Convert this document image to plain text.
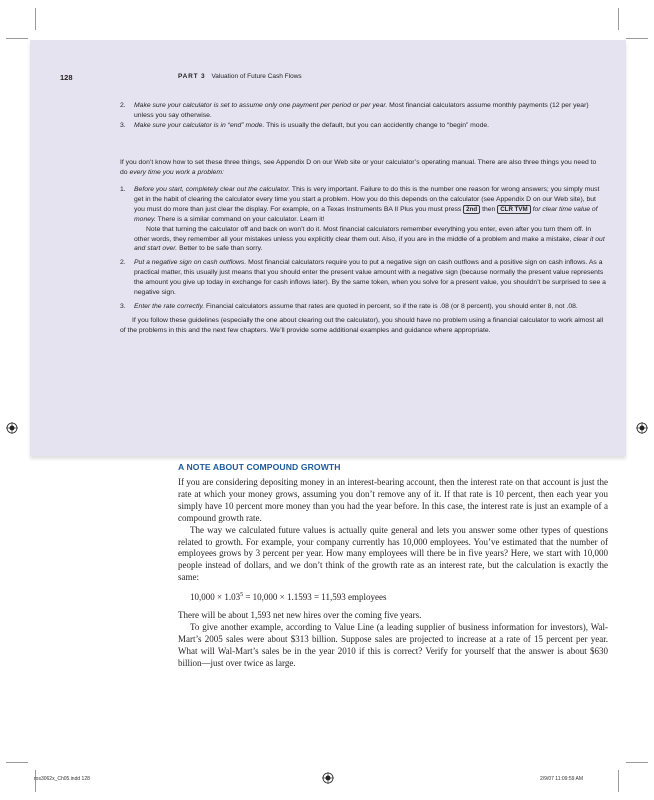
128	PART 3 Valuation of Future Cash Flows
2. Make sure your calculator is set to assume only one payment per period or per year. Most financial calculators assume monthly payments (12 per year) unless you say otherwise.
3. Make sure your calculator is in “end” mode. This is usually the default, but you can accidently change to “begin” mode.

If you don’t know how to set these three things, see Appendix D on our Web site or your calculator’s operating manual. There are also three things you need to do every time you work a problem:

1. Before you start, completely clear out the calculator. This is very important. Failure to do this is the number one reason for wrong answers; you simply must get in the habit of clearing the calculator every time you start a problem. How you do this depends on the calculator (see Appendix D on our Web site), but you must do more than just clear the display. For example, on a Texas Instruments BA II Plus you must press 2nd then CLR TVM for clear time value of money. There is a similar command on your calculator. Learn it!

Note that turning the calculator off and back on won’t do it. Most financial calculators remember everything you enter, even after you turn them off. In other words, they remember all your mistakes unless you explicitly clear them out. Also, if you are in the middle of a problem and make a mistake, clear it out and start over. Better to be safe than sorry.

2. Put a negative sign on cash outflows. Most financial calculators require you to put a negative sign on cash outflows and a positive sign on cash inflows. As a practical matter, this usually just means that you should enter the present value amount with a negative sign (because normally the present value represents the amount you give up today in exchange for cash inflows later). By the same token, when you solve for a present value, you shouldn’t be surprised to see a negative sign.
3. Enter the rate correctly. Financial calculators assume that rates are quoted in percent, so if the rate is .08 (or 8 percent), you should enter 8, not .08.

If you follow these guidelines (especially the one about clearing out the calculator), you should have no problem using a financial calculator to work almost all of the problems in this and the next few chapters. We’ll provide some additional examples and guidance where appropriate.

A NOTE ABOUT COMPOUND GROWTH

If you are considering depositing money in an interest-bearing account, then the interest rate on that account is just the rate at which your money grows, assuming you don’t remove any of it. If that rate is 10 percent, then each year you simply have 10 percent more money than you had the year before. In this case, the interest rate is just an example of a compound growth rate.

The way we calculated future values is actually quite general and lets you answer some other types of questions related to growth. For example, your company currently has 10,000 employees. You’ve estimated that the number of employees grows by 3 percent per year. How many employees will there be in five years? Here, we start with 10,000 people instead of dollars, and we don’t think of the growth rate as an interest rate, but the calculation is exactly the same:

$10,000 \times 1.03^5 = 10,000 \times 1.1593 = 11,593$ employees

There will be about 1,593 net new hires over the coming five years.

To give another example, according to Value Line (a leading supplier of business information for investors), Wal-Mart’s 2005 sales were about $313 billion. Suppose sales are projected to increase at a rate of 15 percent per year. What will Wal-Mart’s sales be in the year 2010 if this is correct? Verify for yourself that the answer is about $630 billion—just over twice as large.

ros3062x_Ch05.indd 128	2/9/07 11:09:59 AM
